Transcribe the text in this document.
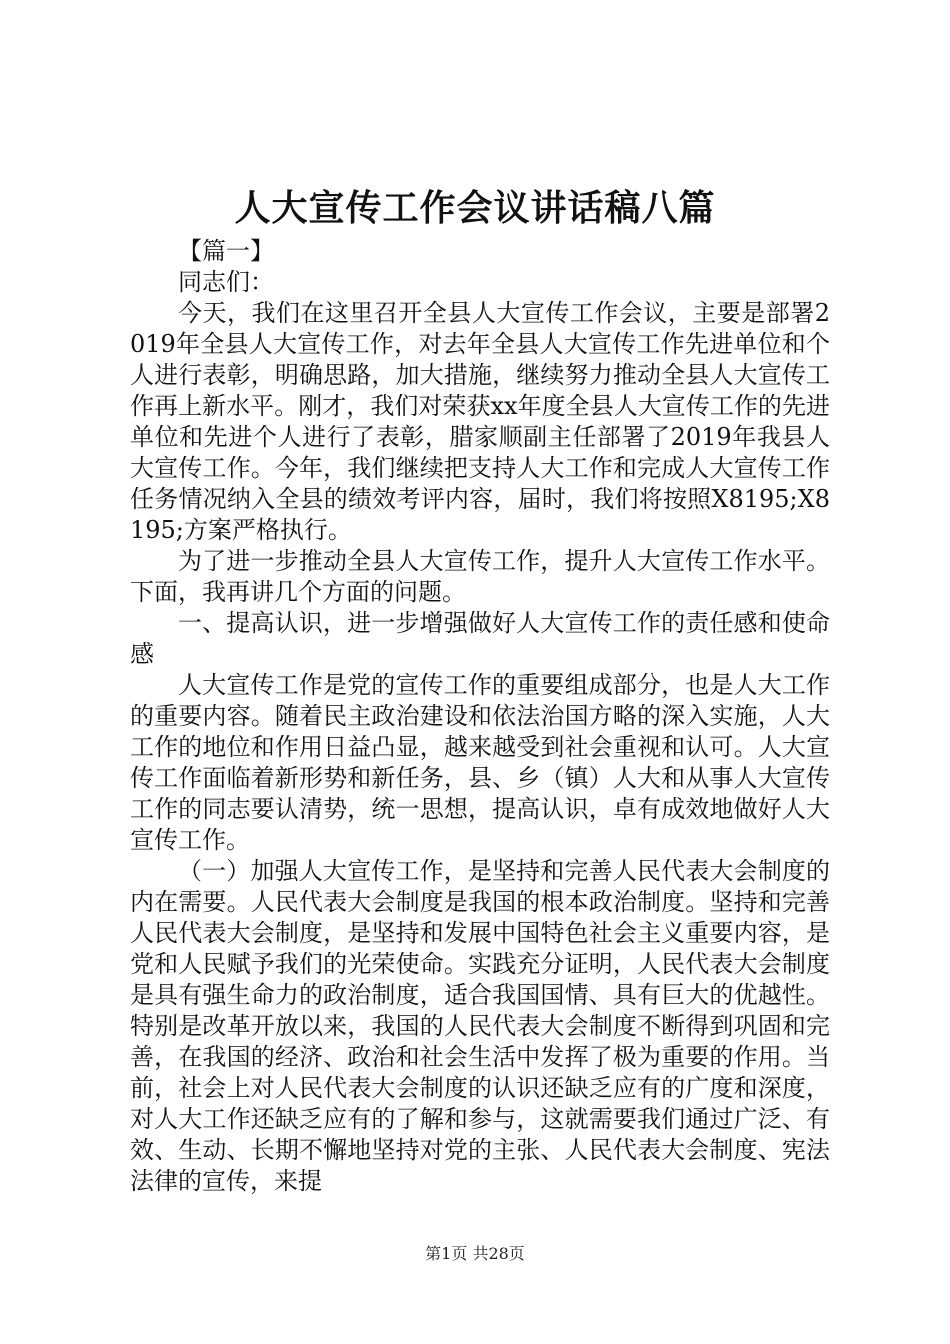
人大宣传工作会议讲话稿八篇

【篇一】

同志们：

今天，我们在这里召开全县人大宣传工作会议，主要是部署2019年全县人大宣传工作，对去年全县人大宣传工作先进单位和个人进行表彰，明确思路，加大措施，继续努力推动全县人大宣传工作再上新水平。刚才，我们对荣获xx年度全县人大宣传工作的先进单位和先进个人进行了表彰，腊家顺副主任部署了2019年我县人大宣传工作。今年，我们继续把支持人大工作和完成人大宣传工作任务情况纳入全县的绩效考评内容，届时，我们将按照X8195;X8195;方案严格执行。

为了进一步推动全县人大宣传工作，提升人大宣传工作水平。下面，我再讲几个方面的问题。

一、提高认识，进一步增强做好人大宣传工作的责任感和使命感

人大宣传工作是党的宣传工作的重要组成部分，也是人大工作的重要内容。随着民主政治建设和依法治国方略的深入实施，人大工作的地位和作用日益凸显，越来越受到社会重视和认可。人大宣传工作面临着新形势和新任务，县、乡（镇）人大和从事人大宣传工作的同志要认清势，统一思想，提高认识，卓有成效地做好人大宣传工作。

（一）加强人大宣传工作，是坚持和完善人民代表大会制度的内在需要。人民代表大会制度是我国的根本政治制度。坚持和完善人民代表大会制度，是坚持和发展中国特色社会主义重要内容，是党和人民赋予我们的光荣使命。实践充分证明，人民代表大会制度是具有强生命力的政治制度，适合我国国情、具有巨大的优越性。特别是改革开放以来，我国的人民代表大会制度不断得到巩固和完善，在我国的经济、政治和社会生活中发挥了极为重要的作用。当前，社会上对人民代表大会制度的认识还缺乏应有的广度和深度，对人大工作还缺乏应有的了解和参与，这就需要我们通过广泛、有效、生动、长期不懈地坚持对党的主张、人民代表大会制度、宪法法律的宣传，来提

第1页 共28页
